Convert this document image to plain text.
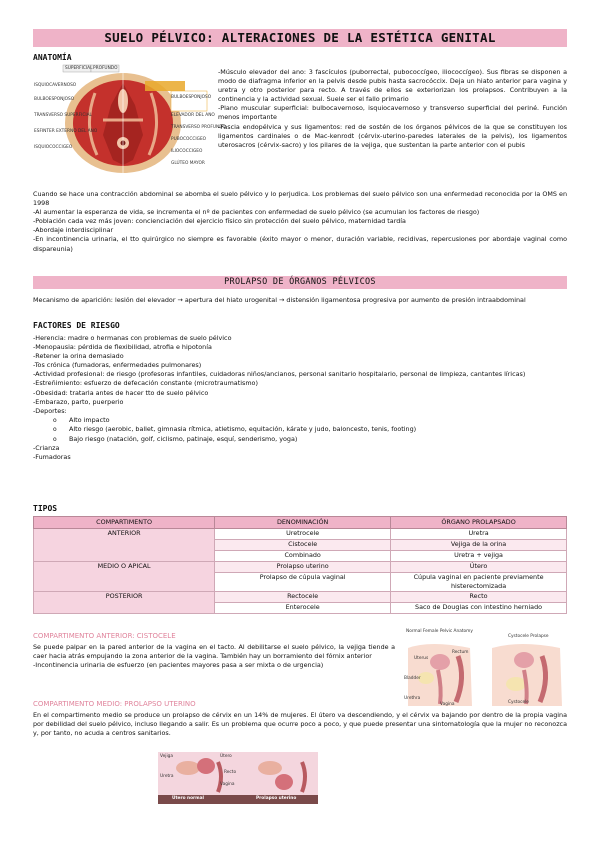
SUELO PÉLVICO: ALTERACIONES DE LA ESTÉTICA GENITAL
ANATOMÍA
SUPERFICIAL PROFUNDO
ISQUIOCAVERNOSO
BULBOESPONJOSO
TRANSVERSO SUPERFICIAL
ESFINTER EXTERNO DEL ANO
ISQUIOCOCCIGEO
BULBOESPONJOSO
ELEVADOR DEL ANO
TRANSVERSO PROFUNDO
PUBOCOCCIGEO
ILIOCOCCIGEO
GLÚTEO MAYOR

-Músculo elevador del ano: 3 fascículos (puborrectal, pubococcígeo, iliococcígeo). Sus fibras se disponen a modo de diafragma inferior en la pelvis desde pubis hasta sacrocóccix. Deja un hiato anterior para vagina y uretra y otro posterior para recto. A través de ellos se exteriorizan los prolapsos. Contribuyen a la continencia y la actividad sexual. Suele ser el fallo primario

-Plano muscular superficial: bulbocavernoso, isquiocavernoso y transverso superficial del periné. Función menos importante

-Fascia endopélvica y sus ligamentos: red de sostén de los órganos pélvicos de la que se constituyen los ligamentos cardinales o de Mac-kenrodt (cérvix-uterino-paredes laterales de la pelvis), los ligamentos uterosacros (cérvix-sacro) y los pilares de la vejiga, que sustentan la parte anterior con el pubis

Cuando se hace una contracción abdominal se abomba el suelo pélvico y lo perjudica. Los problemas del suelo pélvico son una enfermedad reconocida por la OMS en 1998

-Al aumentar la esperanza de vida, se incrementa el nº de pacientes con enfermedad de suelo pélvico (se acumulan los factores de riesgo)

-Población cada vez más joven: concienciación del ejercicio físico sin protección del suelo pélvico, maternidad tardía

-Abordaje interdisciplinar

-En incontinencia urinaria, el tto quirúrgico no siempre es favorable (éxito mayor o menor, duración variable, recidivas, repercusiones por abordaje vaginal como dispareunia)

PROLAPSO DE ÓRGANOS PÉLVICOS
Mecanismo de aparición: lesión del elevador → apertura del hiato urogenital → distensión ligamentosa progresiva por aumento de presión intraabdominal
FACTORES DE RIESGO

-Herencia: madre o hermanas con problemas de suelo pélvico

-Menopausia: pérdida de flexibilidad, atrofia e hipotonía

-Retener la orina demasiado

-Tos crónica (fumadoras, enfermedades pulmonares)

-Actividad profesional: de riesgo (profesoras infantiles, cuidadoras niños/ancianos, personal sanitario hospitalario, personal de limpieza, cantantes líricas)

-Estreñimiento: esfuerzo de defecación constante (microtraumatismo)

-Obesidad: tratarla antes de hacer tto de suelo pélvico

-Embarazo, parto, puerperio

-Deportes:

o Alto impacto

o Alto riesgo (aerobic, ballet, gimnasia rítmica, atletismo, equitación, kárate y judo, baloncesto, tenis, footing)

o Bajo riesgo (natación, golf, ciclismo, patinaje, esquí, senderismo, yoga)

-Crianza

-Fumadoras

TIPOS
COMPARTIMENTO	DENOMINACIÓN	ÓRGANO PROLAPSADO
ANTERIOR	Uretrocele	Uretra
	Cistocele	Vejiga de la orina
	Combinado	Uretra + vejiga
MEDIO O APICAL	Prolapso uterino	Útero
	Prolapso de cúpula vaginal	Cúpula vaginal en paciente previamente histerectomizada
POSTERIOR	Rectocele	Recto
	Enterocele	Saco de Douglas con intestino herniado
COMPARTIMENTO ANTERIOR: CISTOCELE

Se puede palpar en la pared anterior de la vagina en el tacto. Al debilitarse el suelo pélvico, la vejiga tiende a caer hacia atrás empujando la zona anterior de la vagina. También hay un borramiento del fórnix anterior

-Incontinencia urinaria de esfuerzo (en pacientes mayores pasa a ser mixta o de urgencia)

Normal Female Pelvic Anatomy
Cystocele Prolapse
Uterus
Rectum
Bladder
Urethra
Vagina	Cystocele
COMPARTIMENTO MEDIO: PROLAPSO UTERINO
En el compartimento medio se produce un prolapso de cérvix en un 14% de mujeres. El útero va descendiendo, y el cérvix va bajando por dentro de la propia vagina por debilidad del suelo pélvico, incluso llegando a salir. Es un problema que ocurre poco a poco, y que puede presentar una sintomatología que la mujer no reconozca y, por tanto, no acuda a centros sanitarios.
Vejiga	Útero
Recto
Uretra
Vagina
Útero normal	Prolapso uterino
